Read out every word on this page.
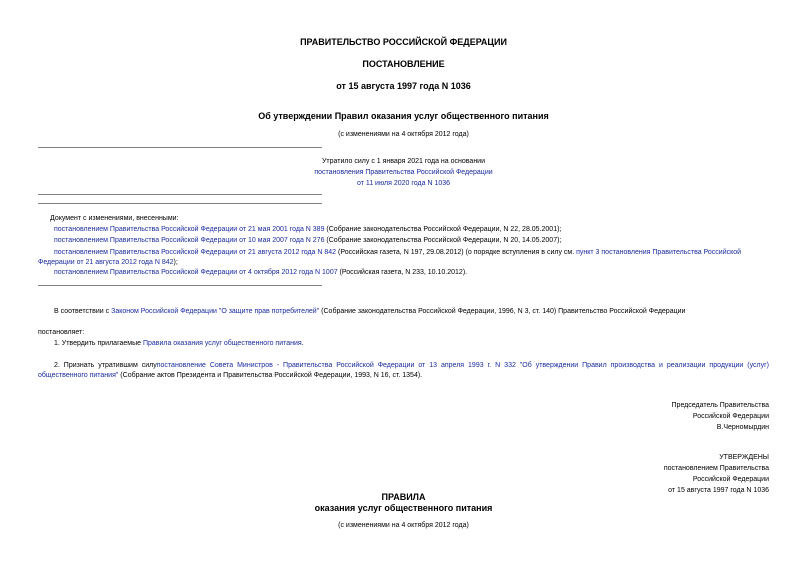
ПРАВИТЕЛЬСТВО РОССИЙСКОЙ ФЕДЕРАЦИИ
ПОСТАНОВЛЕНИЕ
от 15 августа 1997 года N 1036
Об утверждении Правил оказания услуг общественного питания
(с изменениями на 4 октября 2012 года)
Утратило силу с 1 января 2021 года на основании
постановления Правительства Российской Федерации
от 11 июля 2020 года N 1036
Документ с изменениями, внесенными:
постановлением Правительства Российской Федерации от 21 мая 2001 года N 389 (Собрание законодательства Российской Федерации, N 22, 28.05.2001);
постановлением Правительства Российской Федерации от 10 мая 2007 года N 276 (Собрание законодательства Российской Федерации, N 20, 14.05.2007);
постановлением Правительства Российской Федерации от 21 августа 2012 года N 842 (Российская газета, N 197, 29.08.2012) (о порядке вступления в силу см. пункт 3 постановления Правительства Российской Федерации от 21 августа 2012 года N 842);
постановлением Правительства Российской Федерации от 4 октября 2012 года N 1007 (Российская газета, N 233, 10.10.2012).
В соответствии с Законом Российской Федерации "О защите прав потребителей" (Собрание законодательства Российской Федерации, 1996, N 3, ст. 140) Правительство Российской Федерации
постановляет:
1. Утвердить прилагаемые Правила оказания услуг общественного питания.
2. Признать утратившим силупостановление Совета Министров - Правительства Российской Федерации от 13 апреля 1993 г. N 332 "Об утверждении Правил производства и реализации продукции (услуг) общественного питания" (Собрание актов Президента и Правительства Российской Федерации, 1993, N 16, ст. 1354).
Председатель Правительства
Российской Федерации
В.Черномырдин
УТВЕРЖДЕНЫ
постановлением Правительства
Российской Федерации
от 15 августа 1997 года N 1036
ПРАВИЛА
оказания услуг общественного питания
(с изменениями на 4 октября 2012 года)
